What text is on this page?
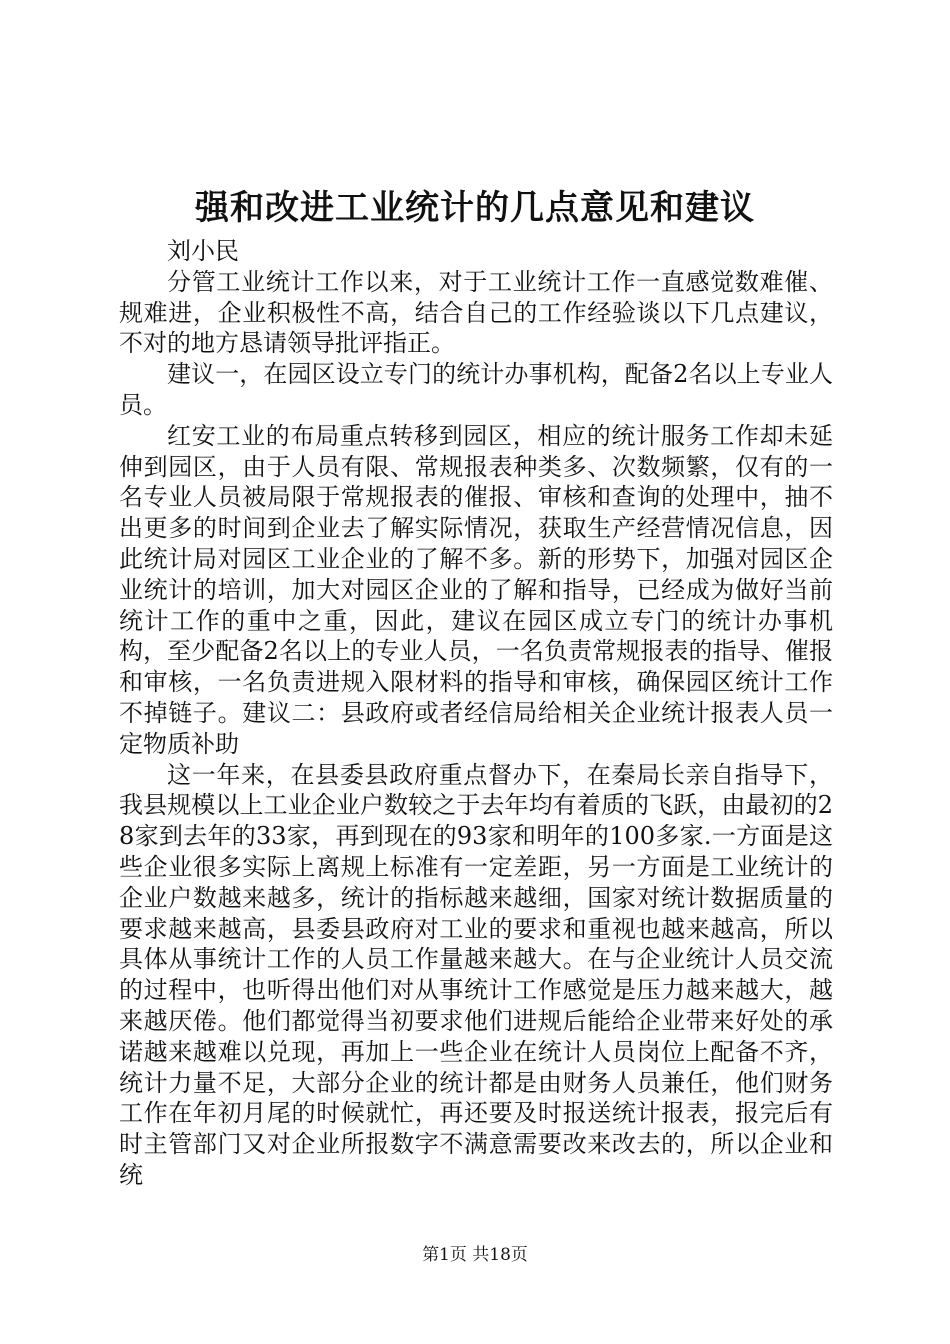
强和改进工业统计的几点意见和建议

刘小民

分管工业统计工作以来，对于工业统计工作一直感觉数难催、规难进，企业积极性不高，结合自己的工作经验谈以下几点建议，不对的地方恳请领导批评指正。

建议一，在园区设立专门的统计办事机构，配备2名以上专业人员。

红安工业的布局重点转移到园区，相应的统计服务工作却未延伸到园区，由于人员有限、常规报表种类多、次数频繁，仅有的一名专业人员被局限于常规报表的催报、审核和查询的处理中，抽不出更多的时间到企业去了解实际情况，获取生产经营情况信息，因此统计局对园区工业企业的了解不多。新的形势下，加强对园区企业统计的培训，加大对园区企业的了解和指导，已经成为做好当前统计工作的重中之重，因此，建议在园区成立专门的统计办事机构，至少配备2名以上的专业人员，一名负责常规报表的指导、催报和审核，一名负责进规入限材料的指导和审核，确保园区统计工作不掉链子。建议二：县政府或者经信局给相关企业统计报表人员一定物质补助

这一年来，在县委县政府重点督办下，在秦局长亲自指导下，我县规模以上工业企业户数较之于去年均有着质的飞跃，由最初的28家到去年的33家，再到现在的93家和明年的100多家.一方面是这些企业很多实际上离规上标准有一定差距，另一方面是工业统计的企业户数越来越多，统计的指标越来越细，国家对统计数据质量的要求越来越高，县委县政府对工业的要求和重视也越来越高，所以具体从事统计工作的人员工作量越来越大。在与企业统计人员交流的过程中，也听得出他们对从事统计工作感觉是压力越来越大，越来越厌倦。他们都觉得当初要求他们进规后能给企业带来好处的承诺越来越难以兑现，再加上一些企业在统计人员岗位上配备不齐，统计力量不足，大部分企业的统计都是由财务人员兼任，他们财务工作在年初月尾的时候就忙，再还要及时报送统计报表，报完后有时主管部门又对企业所报数字不满意需要改来改去的，所以企业和统

第1页 共18页
